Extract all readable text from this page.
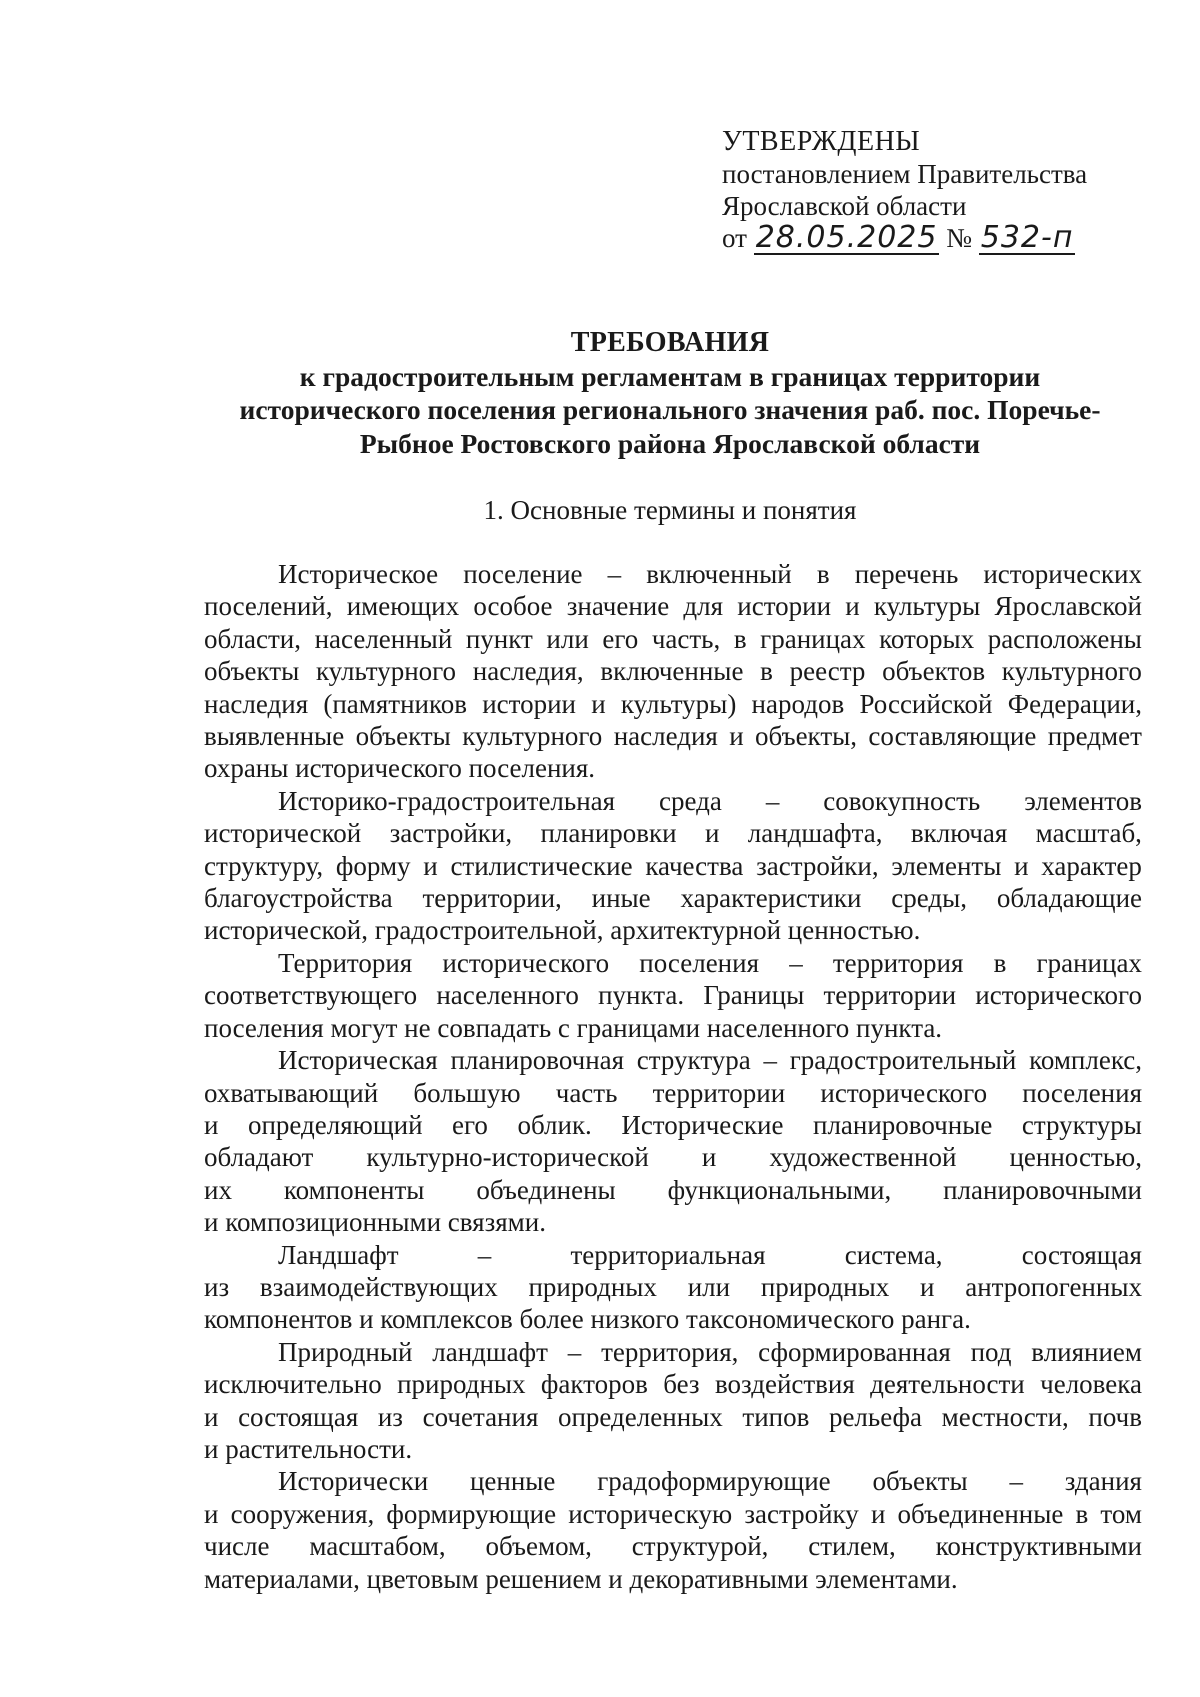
УТВЕРЖДЕНЫ
постановлением Правительства
Ярославской области
от 28.05.2025 № 532-п
ТРЕБОВАНИЯ
к градостроительным регламентам в границах территории
исторического поселения регионального значения раб. пос. Поречье-
Рыбное Ростовского района Ярославской области
1. Основные термины и понятия
Историческое поселение – включенный в перечень исторических
поселений, имеющих особое значение для истории и культуры Ярославской
области, населенный пункт или его часть, в границах которых расположены
объекты культурного наследия, включенные в реестр объектов культурного
наследия (памятников истории и культуры) народов Российской Федерации,
выявленные объекты культурного наследия и объекты, составляющие предмет
охраны исторического поселения.
Историко-градостроительная среда – совокупность элементов
исторической застройки, планировки и ландшафта, включая масштаб,
структуру, форму и стилистические качества застройки, элементы и характер
благоустройства территории, иные характеристики среды, обладающие
исторической, градостроительной, архитектурной ценностью.
Территория исторического поселения – территория в границах
соответствующего населенного пункта. Границы территории исторического
поселения могут не совпадать с границами населенного пункта.
Историческая планировочная структура – градостроительный комплекс,
охватывающий большую часть территории исторического поселения
и определяющий его облик. Исторические планировочные структуры
обладают культурно-исторической и художественной ценностью,
их компоненты объединены функциональными, планировочными
и композиционными связями.
Ландшафт	–	территориальная	система,	состоящая
из взаимодействующих природных или природных и антропогенных
компонентов и комплексов более низкого таксономического ранга.
Природный ландшафт – территория, сформированная под влиянием
исключительно природных факторов без воздействия деятельности человека
и состоящая из сочетания определенных типов рельефа местности, почв
и растительности.
Исторически ценные градоформирующие объекты – здания
и сооружения, формирующие историческую застройку и объединенные в том
числе масштабом, объемом, структурой, стилем, конструктивными
материалами, цветовым решением и декоративными элементами.
